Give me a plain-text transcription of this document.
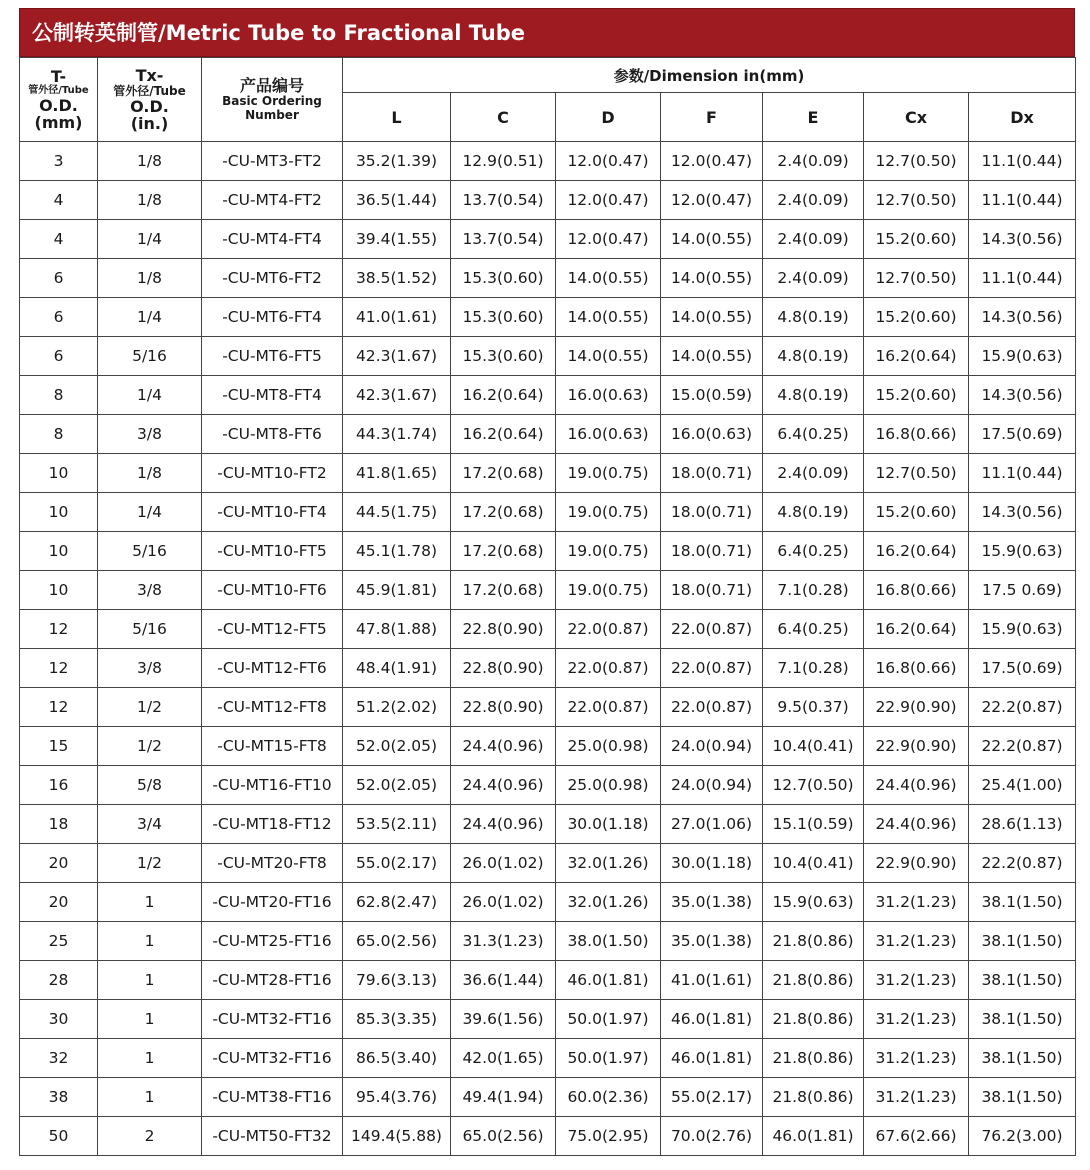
公制转英制管/Metric Tube to Fractional Tube
T-
管外径/Tube
O.D.
(mm)	Tx-
管外径/Tube
O.D.
(in.)	产品编号
Basic Ordering
Number	参数/Dimension in(mm)						
			L	C	D	F	E	Cx	Dx
3	1/8	-CU-MT3-FT2	35.2(1.39)	12.9(0.51)	12.0(0.47)	12.0(0.47)	2.4(0.09)	12.7(0.50)	11.1(0.44)
4	1/8	-CU-MT4-FT2	36.5(1.44)	13.7(0.54)	12.0(0.47)	12.0(0.47)	2.4(0.09)	12.7(0.50)	11.1(0.44)
4	1/4	-CU-MT4-FT4	39.4(1.55)	13.7(0.54)	12.0(0.47)	14.0(0.55)	2.4(0.09)	15.2(0.60)	14.3(0.56)
6	1/8	-CU-MT6-FT2	38.5(1.52)	15.3(0.60)	14.0(0.55)	14.0(0.55)	2.4(0.09)	12.7(0.50)	11.1(0.44)
6	1/4	-CU-MT6-FT4	41.0(1.61)	15.3(0.60)	14.0(0.55)	14.0(0.55)	4.8(0.19)	15.2(0.60)	14.3(0.56)
6	5/16	-CU-MT6-FT5	42.3(1.67)	15.3(0.60)	14.0(0.55)	14.0(0.55)	4.8(0.19)	16.2(0.64)	15.9(0.63)
8	1/4	-CU-MT8-FT4	42.3(1.67)	16.2(0.64)	16.0(0.63)	15.0(0.59)	4.8(0.19)	15.2(0.60)	14.3(0.56)
8	3/8	-CU-MT8-FT6	44.3(1.74)	16.2(0.64)	16.0(0.63)	16.0(0.63)	6.4(0.25)	16.8(0.66)	17.5(0.69)
10	1/8	-CU-MT10-FT2	41.8(1.65)	17.2(0.68)	19.0(0.75)	18.0(0.71)	2.4(0.09)	12.7(0.50)	11.1(0.44)
10	1/4	-CU-MT10-FT4	44.5(1.75)	17.2(0.68)	19.0(0.75)	18.0(0.71)	4.8(0.19)	15.2(0.60)	14.3(0.56)
10	5/16	-CU-MT10-FT5	45.1(1.78)	17.2(0.68)	19.0(0.75)	18.0(0.71)	6.4(0.25)	16.2(0.64)	15.9(0.63)
10	3/8	-CU-MT10-FT6	45.9(1.81)	17.2(0.68)	19.0(0.75)	18.0(0.71)	7.1(0.28)	16.8(0.66)	17.5 0.69)
12	5/16	-CU-MT12-FT5	47.8(1.88)	22.8(0.90)	22.0(0.87)	22.0(0.87)	6.4(0.25)	16.2(0.64)	15.9(0.63)
12	3/8	-CU-MT12-FT6	48.4(1.91)	22.8(0.90)	22.0(0.87)	22.0(0.87)	7.1(0.28)	16.8(0.66)	17.5(0.69)
12	1/2	-CU-MT12-FT8	51.2(2.02)	22.8(0.90)	22.0(0.87)	22.0(0.87)	9.5(0.37)	22.9(0.90)	22.2(0.87)
15	1/2	-CU-MT15-FT8	52.0(2.05)	24.4(0.96)	25.0(0.98)	24.0(0.94)	10.4(0.41)	22.9(0.90)	22.2(0.87)
16	5/8	-CU-MT16-FT10	52.0(2.05)	24.4(0.96)	25.0(0.98)	24.0(0.94)	12.7(0.50)	24.4(0.96)	25.4(1.00)
18	3/4	-CU-MT18-FT12	53.5(2.11)	24.4(0.96)	30.0(1.18)	27.0(1.06)	15.1(0.59)	24.4(0.96)	28.6(1.13)
20	1/2	-CU-MT20-FT8	55.0(2.17)	26.0(1.02)	32.0(1.26)	30.0(1.18)	10.4(0.41)	22.9(0.90)	22.2(0.87)
20	1	-CU-MT20-FT16	62.8(2.47)	26.0(1.02)	32.0(1.26)	35.0(1.38)	15.9(0.63)	31.2(1.23)	38.1(1.50)
25	1	-CU-MT25-FT16	65.0(2.56)	31.3(1.23)	38.0(1.50)	35.0(1.38)	21.8(0.86)	31.2(1.23)	38.1(1.50)
28	1	-CU-MT28-FT16	79.6(3.13)	36.6(1.44)	46.0(1.81)	41.0(1.61)	21.8(0.86)	31.2(1.23)	38.1(1.50)
30	1	-CU-MT32-FT16	85.3(3.35)	39.6(1.56)	50.0(1.97)	46.0(1.81)	21.8(0.86)	31.2(1.23)	38.1(1.50)
32	1	-CU-MT32-FT16	86.5(3.40)	42.0(1.65)	50.0(1.97)	46.0(1.81)	21.8(0.86)	31.2(1.23)	38.1(1.50)
38	1	-CU-MT38-FT16	95.4(3.76)	49.4(1.94)	60.0(2.36)	55.0(2.17)	21.8(0.86)	31.2(1.23)	38.1(1.50)
50	2	-CU-MT50-FT32	149.4(5.88)	65.0(2.56)	75.0(2.95)	70.0(2.76)	46.0(1.81)	67.6(2.66)	76.2(3.00)
